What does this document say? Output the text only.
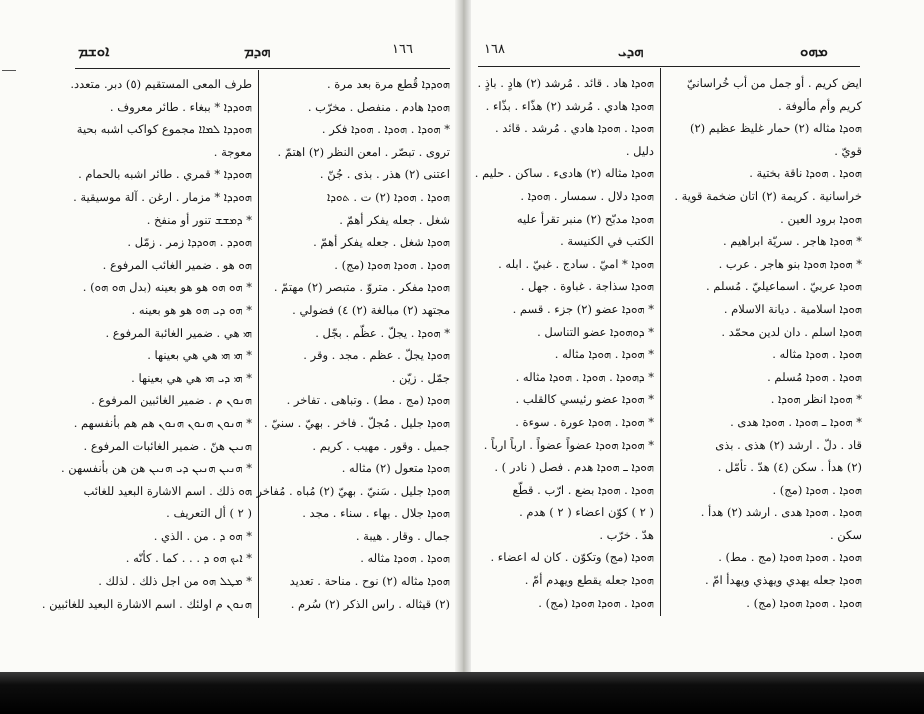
ܐܘܫܡ	ܗܕܡ	١٦٦
طرف المعى المستقيم (٥) دبر. متعدد.
ܗܘܕܕܐ * ببغاء . طائر معروف .
ܗܘܕܕܐ ܠܡܐܐ مجموع كواكب اشبه بحية
معوجة .
ܗܘܕܕܐ * قمري . طائر اشبه بالحمام .
ܗܘܕܕܐ * مزمار . ارغن . آلة موسيقية .
* ܕܡܫܫ تنور أو منفخ .
ܗܘܕܕ . ܗܘܕܕܐ زمر . زمّل .
ܗܘ هو . ضمير الغائب المرفوع .
* ܗܘ ܗܘ هو هو بعينه (بدل ܗܘ ܗܘ) .
* ܗܘ ܕܝ ܗܘ هو هو بعينه .
ܗܝ هي . ضمير الغائبة المرفوع .
* ܗܝ ܗܝ هي هي بعينها .
* ܗܝ ܕܝ ܗܝ هي هي بعينها .
ܗܢܘܢ م . ضمير الغائبين المرفوع .
* ܗܢܘܢ ܗܢܘܢ ܗܢܘܢ هم هم بأنفسهم .
ܗܢܝܢ هنّ . ضمير الغائبات المرفوع .
* ܗܢܝܢ ܗܢܝܢ ܕܝ ܗܢܝܢ هن هن بأنفسهن .
ܗܘ ذلك . اسم الاشارة البعيد للغائب
( ٢ ) أل التعريف .
* ܗܘ ܕ . من . الذي .
* ܐܝܟ ܗܘ ܕ . . . كما . كأنّه .
* ܡܛܠ ܗܘ من اجل ذلك . لذلك .
ܗܢܘܢ م اولئك . اسم الاشارة البعيد للغائبين .
ܗܘܕܕܐ قُطع مرة بعد مرة .
ܗܘܕܐ هادم . منفصل . مخرّب .
* ܗܘܕܐ . ܗܘܕܐ . ܗܘܕܐ فكر .
تروى . تبصّر . امعن النظر (٢) اهتمّ .
اعتنى (٢) هذر . بذى . جُنّ .
ܗܘܕܐ . ܗܘܕܐ (٢) ت . ܬܘܕܐ
شغل . جعله يفكر أهمّ .
ܗܘܕܐ شغل . جعله يفكر أهمّ .
ܗܘܕܐ . ܗܘܕܐ ܗܘܕܐ (مج) .
ܗܘܕܐ مفكر . متروّ . متبصر (٢) مهتمّ .
مجتهد (٢) مبالغة (٢) ٤) فضولي .
* ܗܘܕܐ . يجلّ . عظّم . بجّل .
ܗܘܕܐ يجلّ . عظم . مجد . وقر .
جمّل . زيّن .
ܗܘܕܐ (مج . مط) . وتباهى . تفاخر .
ܗܘܕܐ جليل . مُجلّ . فاخر . بهيّ . سنيّ .
جميل . وقور . مهيب . كريم .
ܗܘܕܐ متعول (٢) مثاله .
ܗܘܕܐ جليل . سَنيّ . بهيّ (٢) مُباه . مُفاخر .
ܗܘܕܐ جلال . بهاء . سناء . مجد .
جمال . وقار . هيبة .
ܗܘܕܐ . ܗܘܕܐ مثاله .
ܗܘܕܐ مثاله (٢) نوح . مناحة . تعديد
(٢) قيثاله . راس الذكر (٢) سُرم .
١٦٨	ܗܕܝ	ܡܗܘ
ܗܘܕܐ هاد . قائد . مُرشد (٢) هادٍ . باذٍ .
ܗܘܕܐ هادي . مُرشد (٢) هذّاء . بذّاء .
ܗܘܕܐ . ܗܘܕܐ هادي . مُرشد . قائد .
دليل .
ܗܘܕܐ مثاله (٢) هادىء . ساكن . حليم .
ܗܘܕܐ دلال . سمسار . ܗܘܕܐ .
ܗܘܕܐ مدبّح (٢) منبر تقرأ عليه
الكتب في الكنيسة .
ܗܘܕܐ * اميّ . سادج . غبيّ . ابله .
ܗܘܕܐ سذاجة . غباوة . جهل .
* ܗܘܕܐ عضو (٢) جزء . قسم .
* ܕܘܗܘܕܐ عضو التناسل .
* ܗܘܕܐ . ܗܘܕܐ مثاله .
* ܕܗܘܕܐ . ܗܘܕܐ . ܗܘܕܐ مثاله .
* ܗܘܕܐ عضو رئيسي كالقلب .
* ܗܘܕܐ . ܗܘܕܐ عورة . سوءة .
* ܗܘܕܐ ܗܘܕܐ عضواً عضواً . ارباً ارباً .
ܗܘܕܐ ـ ܗܘܕܐ هدم . فصل ( نادر ) .
ܗܘܕܐ . ܗܘܕܐ بضع . ارّب . قطّع
( ٢ ) كوّن اعضاء ( ٢ ) هدم .
هدّ . خرّب .
ܗܘܕܐ (مج) وتكوّن . كان له اعضاء .
ܗܘܕܐ جعله يقطع ويهدم أمّ .
ܗܘܕܐ . ܗܘܕܐ ܗܘܕܐ (مج) .
ايض كريم . أو جمل من أب خُراسانيّ
كريم وأم مألوفة .
ܗܘܕܐ مثاله (٢) حمار غليظ عظيم (٢)
قويّ .
ܗܘܕܐ . ܗܘܕܐ ناقة بختية .
خراسانية . كريمة (٢) اتان ضخمة قوية .
ܗܘܕܐ برود العين .
* ܗܘܕܐ هاجر . سريّة ابراهيم .
* ܗܘܕܐ ܗܘܕܐ بنو هاجر . عرب .
ܗܘܕܐ عربيّ . اسماعيليّ . مُسلم .
ܗܘܕܐ اسلامية . ديانة الاسلام .
ܗܘܕܐ اسلم . دان لدين محمّد .
ܗܘܕܐ . ܗܘܕܐ مثاله .
ܗܘܕܐ . ܗܘܕܐ مُسلم .
* ܗܘܕܐ انظر ܗܘܕܐ .
* ܗܘܕܐ ـ ܗܘܕܐ . ܗܘܕܐ هدى .
قاد . دلّ . ارشد (٢) هذى . بذى
(٢) هدأ . سكن (٤) هدّ . تأمّل .
ܗܘܕܐ . ܗܘܕܐ (مج) .
ܗܘܕܐ . ܗܘܕܐ هدى . ارشد (٢) هدأ .
سكن .
ܗܘܕܐ . ܗܘܕܐ ܗܘܕܐ (مج . مط) .
ܗܘܕܐ جعله يهدي ويهذي ويهدأ امّ .
ܗܘܕܐ . ܗܘܕܐ ܗܘܕܐ (مج) .
